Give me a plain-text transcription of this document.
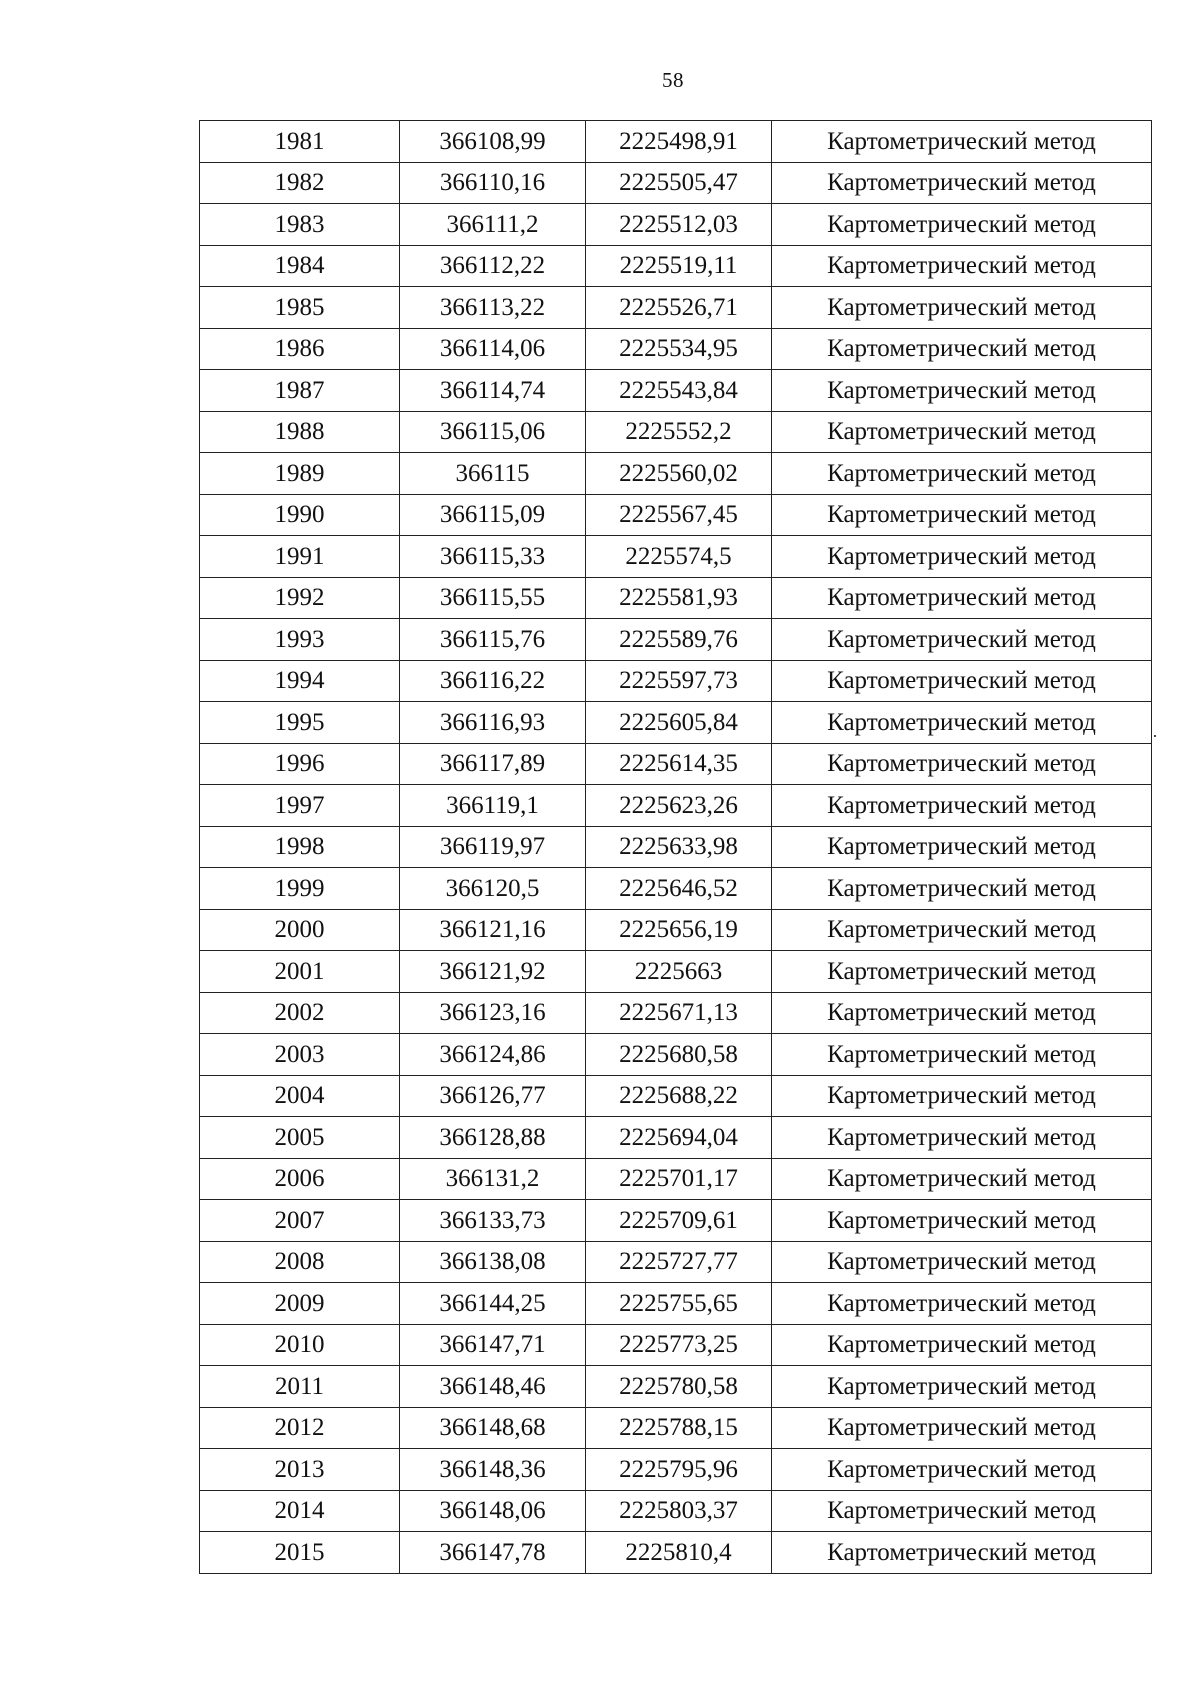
58
1981	366108,99	2225498,91	Картометрический метод
1982	366110,16	2225505,47	Картометрический метод
1983	366111,2	2225512,03	Картометрический метод
1984	366112,22	2225519,11	Картометрический метод
1985	366113,22	2225526,71	Картометрический метод
1986	366114,06	2225534,95	Картометрический метод
1987	366114,74	2225543,84	Картометрический метод
1988	366115,06	2225552,2	Картометрический метод
1989	366115	2225560,02	Картометрический метод
1990	366115,09	2225567,45	Картометрический метод
1991	366115,33	2225574,5	Картометрический метод
1992	366115,55	2225581,93	Картометрический метод
1993	366115,76	2225589,76	Картометрический метод
1994	366116,22	2225597,73	Картометрический метод
1995	366116,93	2225605,84	Картометрический метод
1996	366117,89	2225614,35	Картометрический метод
1997	366119,1	2225623,26	Картометрический метод
1998	366119,97	2225633,98	Картометрический метод
1999	366120,5	2225646,52	Картометрический метод
2000	366121,16	2225656,19	Картометрический метод
2001	366121,92	2225663	Картометрический метод
2002	366123,16	2225671,13	Картометрический метод
2003	366124,86	2225680,58	Картометрический метод
2004	366126,77	2225688,22	Картометрический метод
2005	366128,88	2225694,04	Картометрический метод
2006	366131,2	2225701,17	Картометрический метод
2007	366133,73	2225709,61	Картометрический метод
2008	366138,08	2225727,77	Картометрический метод
2009	366144,25	2225755,65	Картометрический метод
2010	366147,71	2225773,25	Картометрический метод
2011	366148,46	2225780,58	Картометрический метод
2012	366148,68	2225788,15	Картометрический метод
2013	366148,36	2225795,96	Картометрический метод
2014	366148,06	2225803,37	Картометрический метод
2015	366147,78	2225810,4	Картометрический метод
